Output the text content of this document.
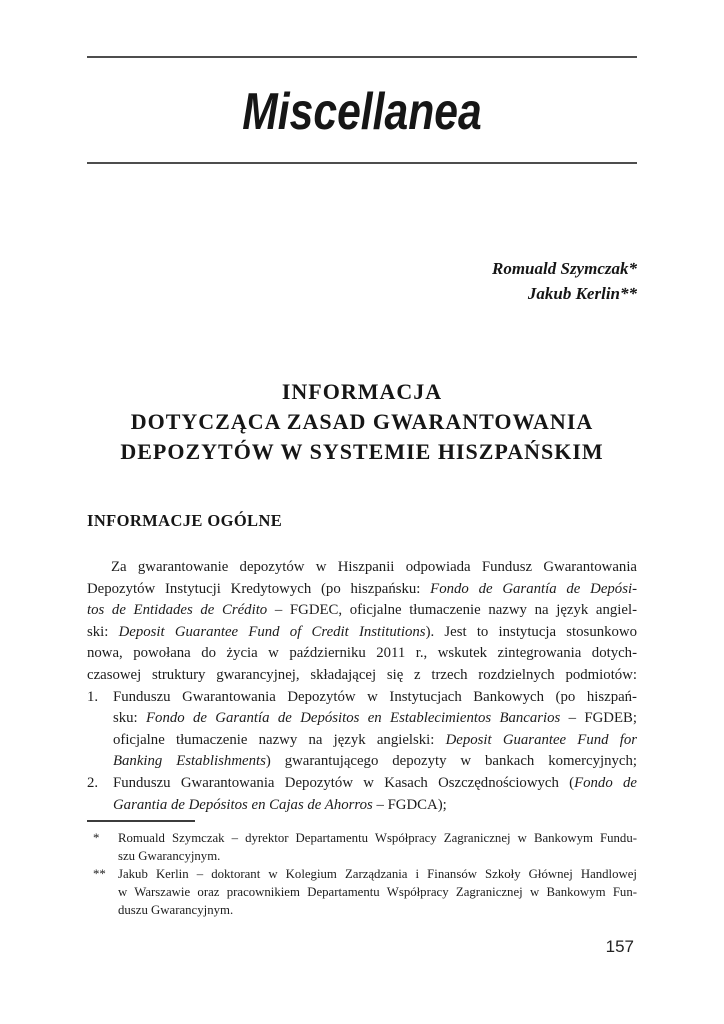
Miscellanea
Romuald Szymczak*
Jakub Kerlin**
INFORMACJA
DOTYCZĄCA ZASAD GWARANTOWANIA
DEPOZYTÓW W SYSTEMIE HISZPAŃSKIM
INFORMACJE OGÓLNE
Za gwarantowanie depozytów w Hiszpanii odpowiada Fundusz Gwarantowania
Depozytów Instytucji Kredytowych (po hiszpańsku: Fondo de Garantía de Depósi-
tos de Entidades de Crédito – FGDEC, oficjalne tłumaczenie nazwy na język angiel-
ski: Deposit Guarantee Fund of Credit Institutions). Jest to instytucja stosunkowo
nowa, powołana do życia w październiku 2011 r., wskutek zintegrowania dotych-
czasowej struktury gwarancyjnej, składającej się z trzech rozdzielnych podmiotów:
1. Funduszu Gwarantowania Depozytów w Instytucjach Bankowych (po hiszpań-
sku: Fondo de Garantía de Depósitos en Establecimientos Bancarios – FGDEB;
oficjalne tłumaczenie nazwy na język angielski: Deposit Guarantee Fund for
Banking Establishments) gwarantującego depozyty w bankach komercyjnych;
2. Funduszu Gwarantowania Depozytów w Kasach Oszczędnościowych (Fondo de
Garantia de Depósitos en Cajas de Ahorros – FGDCA);
* Romuald Szymczak – dyrektor Departamentu Współpracy Zagranicznej w Bankowym Fundu-
szu Gwarancyjnym.
** Jakub Kerlin – doktorant w Kolegium Zarządzania i Finansów Szkoły Głównej Handlowej
w Warszawie oraz pracownikiem Departamentu Współpracy Zagranicznej w Bankowym Fun-
duszu Gwarancyjnym.
157
